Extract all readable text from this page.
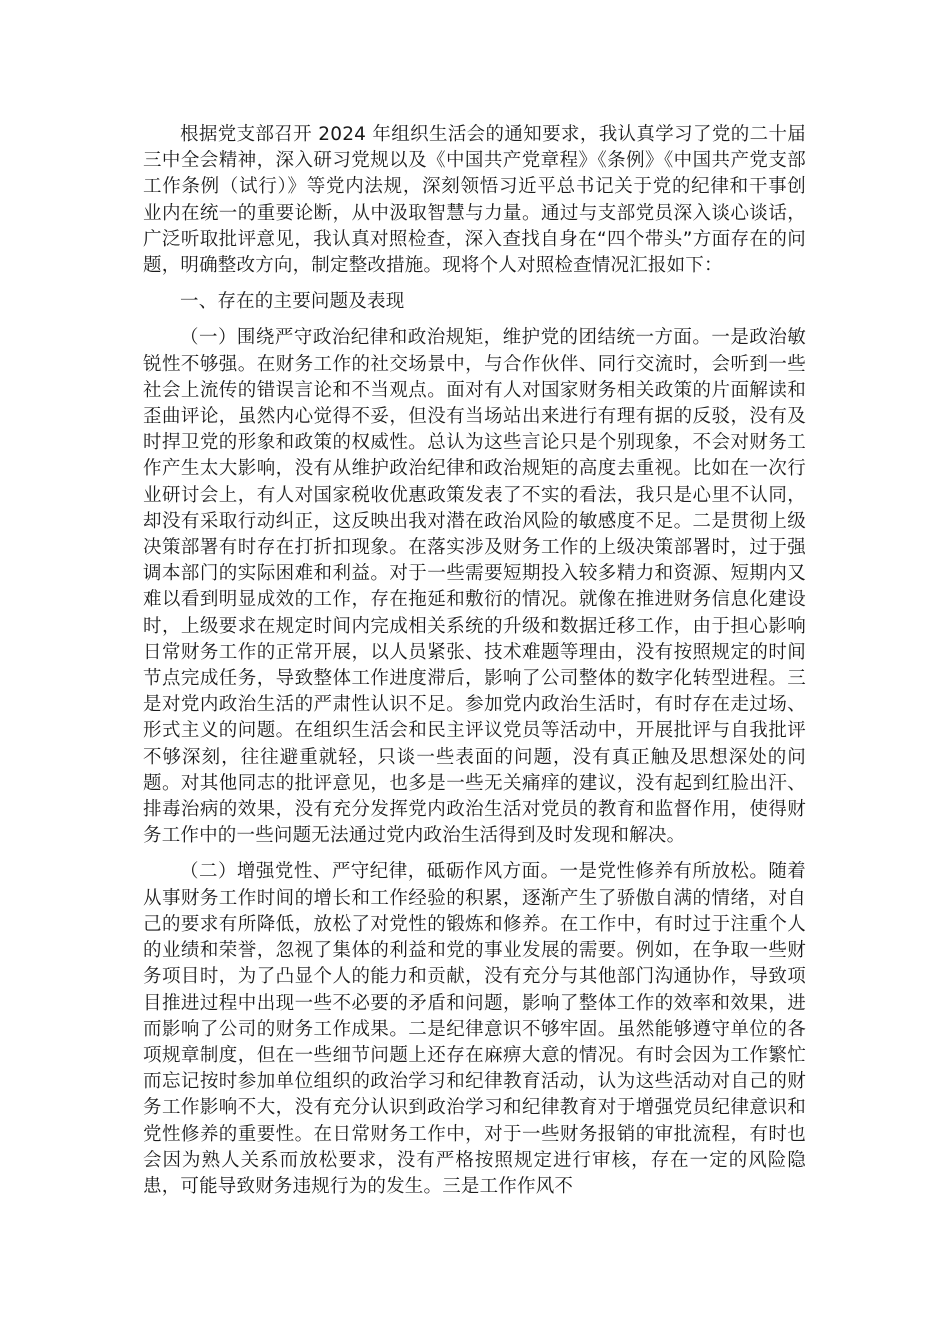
根据党支部召开 2024 年组织生活会的通知要求，我认真学习了党的二十届三中全会精神，深入研习党规以及《中国共产党章程》《条例》《中国共产党支部工作条例（试行）》等党内法规，深刻领悟习近平总书记关于党的纪律和干事创业内在统一的重要论断，从中汲取智慧与力量。通过与支部党员深入谈心谈话，广泛听取批评意见，我认真对照检查，深入查找自身在“四个带头”方面存在的问题，明确整改方向，制定整改措施。现将个人对照检查情况汇报如下：

一、存在的主要问题及表现

（一）围绕严守政治纪律和政治规矩，维护党的团结统一方面。一是政治敏锐性不够强。在财务工作的社交场景中，与合作伙伴、同行交流时，会听到一些社会上流传的错误言论和不当观点。面对有人对国家财务相关政策的片面解读和歪曲评论，虽然内心觉得不妥，但没有当场站出来进行有理有据的反驳，没有及时捍卫党的形象和政策的权威性。总认为这些言论只是个别现象，不会对财务工作产生太大影响，没有从维护政治纪律和政治规矩的高度去重视。比如在一次行业研讨会上，有人对国家税收优惠政策发表了不实的看法，我只是心里不认同，却没有采取行动纠正，这反映出我对潜在政治风险的敏感度不足。二是贯彻上级决策部署有时存在打折扣现象。在落实涉及财务工作的上级决策部署时，过于强调本部门的实际困难和利益。对于一些需要短期投入较多精力和资源、短期内又难以看到明显成效的工作，存在拖延和敷衍的情况。就像在推进财务信息化建设时，上级要求在规定时间内完成相关系统的升级和数据迁移工作，由于担心影响日常财务工作的正常开展，以人员紧张、技术难题等理由，没有按照规定的时间节点完成任务，导致整体工作进度滞后，影响了公司整体的数字化转型进程。三是对党内政治生活的严肃性认识不足。参加党内政治生活时，有时存在走过场、形式主义的问题。在组织生活会和民主评议党员等活动中，开展批评与自我批评不够深刻，往往避重就轻，只谈一些表面的问题，没有真正触及思想深处的问题。对其他同志的批评意见，也多是一些无关痛痒的建议，没有起到红脸出汗、排毒治病的效果，没有充分发挥党内政治生活对党员的教育和监督作用，使得财务工作中的一些问题无法通过党内政治生活得到及时发现和解决。

（二）增强党性、严守纪律，砥砺作风方面。一是党性修养有所放松。随着从事财务工作时间的增长和工作经验的积累，逐渐产生了骄傲自满的情绪，对自己的要求有所降低，放松了对党性的锻炼和修养。在工作中，有时过于注重个人的业绩和荣誉，忽视了集体的利益和党的事业发展的需要。例如，在争取一些财务项目时，为了凸显个人的能力和贡献，没有充分与其他部门沟通协作，导致项目推进过程中出现一些不必要的矛盾和问题，影响了整体工作的效率和效果，进而影响了公司的财务工作成果。二是纪律意识不够牢固。虽然能够遵守单位的各项规章制度，但在一些细节问题上还存在麻痹大意的情况。有时会因为工作繁忙而忘记按时参加单位组织的政治学习和纪律教育活动，认为这些活动对自己的财务工作影响不大，没有充分认识到政治学习和纪律教育对于增强党员纪律意识和党性修养的重要性。在日常财务工作中，对于一些财务报销的审批流程，有时也会因为熟人关系而放松要求，没有严格按照规定进行审核，存在一定的风险隐患，可能导致财务违规行为的发生。三是工作作风不
